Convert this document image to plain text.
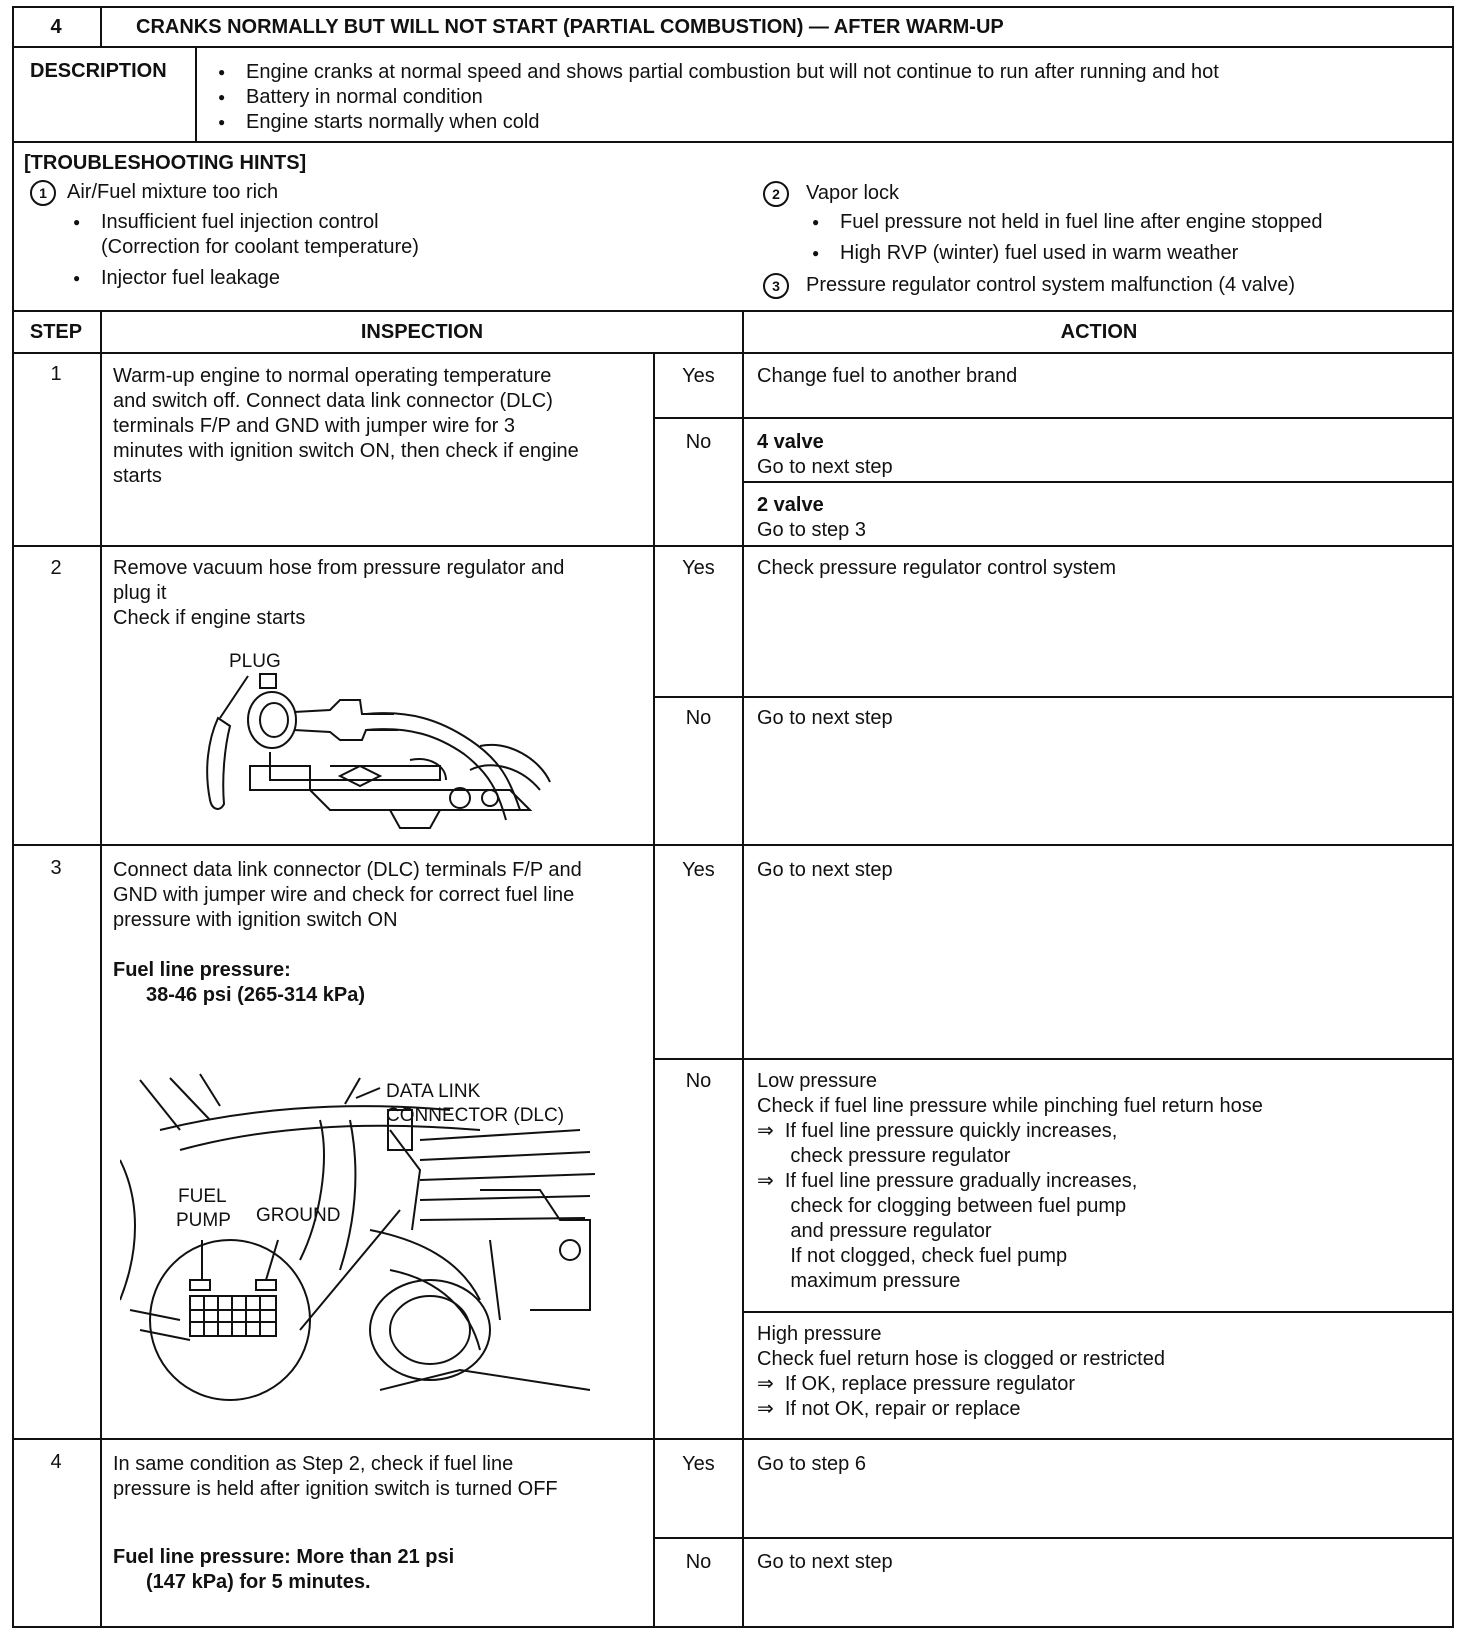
4	CRANKS NORMALLY BUT WILL NOT START (PARTIAL COMBUSTION) — AFTER WARM-UP
DESCRIPTION
●	Engine cranks at normal speed and shows partial combustion but will not continue to run after running and hot
● Battery in normal condition
● Engine starts normally when cold
[TROUBLESHOOTING HINTS]
1	Air/Fuel mixture too rich
● Insufficient fuel injection control
(Correction for coolant temperature)
● Injector fuel leakage
2	Vapor lock
● Fuel pressure not held in fuel line after engine stopped
● High RVP (winter) fuel used in warm weather
3	Pressure regulator control system malfunction (4 valve)
STEP	INSPECTION	ACTION
1	Warm-up engine to normal operating temperature
and switch off. Connect data link connector (DLC)
terminals F/P and GND with jumper wire for 3
minutes with ignition switch ON, then check if engine
starts
Yes	Change fuel to another brand
No	4 valve
Go to next step
2 valve
Go to step 3
2	Remove vacuum hose from pressure regulator and
plug it
Check if engine starts
PLUG
Yes	Check pressure regulator control system
No	Go to next step
3	Connect data link connector (DLC) terminals F/P and
GND with jumper wire and check for correct fuel line
pressure with ignition switch ON
Fuel line pressure:
38-46 psi (265-314 kPa)
DATA LINK
CONNECTOR (DLC)
FUEL
PUMP GROUND
Yes	Go to next step
No	Low pressure
Check if fuel line pressure while pinching fuel return hose
⇒  If fuel line pressure quickly increases,
check pressure regulator
⇒  If fuel line pressure gradually increases,
check for clogging between fuel pump
and pressure regulator
If not clogged, check fuel pump
maximum pressure
High pressure
Check fuel return hose is clogged or restricted
⇒  If OK, replace pressure regulator
⇒  If not OK, repair or replace
4	In same condition as Step 2, check if fuel line
pressure is held after ignition switch is turned OFF
Fuel line pressure: More than 21 psi
(147 kPa) for 5 minutes.
Yes	Go to step 6
No	Go to next step
